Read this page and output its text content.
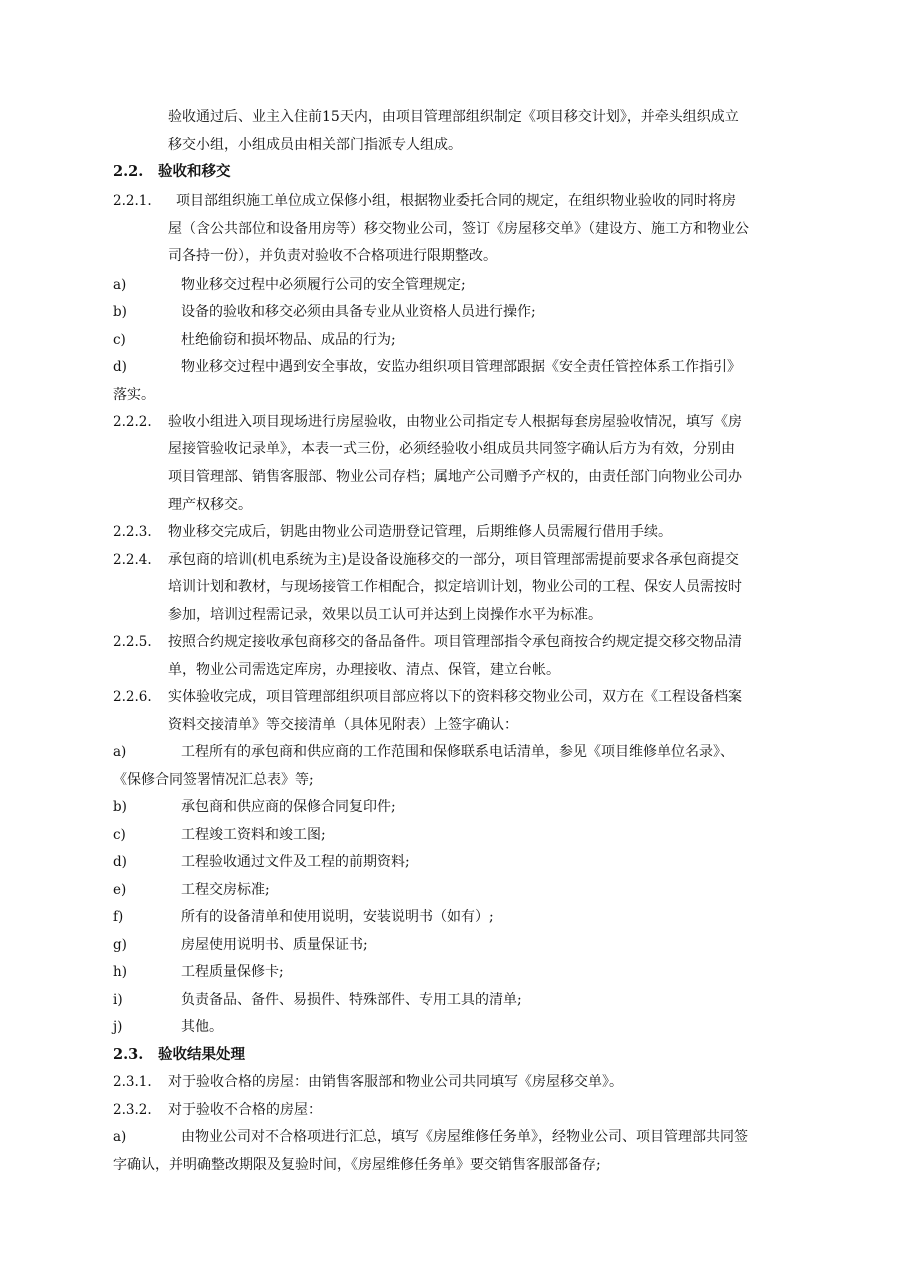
验收通过后、业主入住前15天内，由项目管理部组织制定《项目移交计划》，并牵头组织成立
移交小组，小组成员由相关部门指派专人组成。
2.2. 验收和移交
2.2.1. 项目部组织施工单位成立保修小组，根据物业委托合同的规定，在组织物业验收的同时将房
屋（含公共部位和设备用房等）移交物业公司，签订《房屋移交单》（建设方、施工方和物业公
司各持一份），并负责对验收不合格项进行限期整改。
a)	物业移交过程中必须履行公司的安全管理规定;
b)	设备的验收和移交必须由具备专业从业资格人员进行操作;
c)	杜绝偷窃和损坏物品、成品的行为;
d)	物业移交过程中遇到安全事故，安监办组织项目管理部跟据《安全责任管控体系工作指引》
落实。
2.2.2. 验收小组进入项目现场进行房屋验收，由物业公司指定专人根据每套房屋验收情况，填写《房
屋接管验收记录单》，本表一式三份，必须经验收小组成员共同签字确认后方为有效，分别由
项目管理部、销售客服部、物业公司存档；属地产公司赠予产权的，由责任部门向物业公司办
理产权移交。
2.2.3. 物业移交完成后，钥匙由物业公司造册登记管理，后期维修人员需履行借用手续。
2.2.4. 承包商的培训(机电系统为主)是设备设施移交的一部分，项目管理部需提前要求各承包商提交
培训计划和教材，与现场接管工作相配合，拟定培训计划，物业公司的工程、保安人员需按时
参加，培训过程需记录，效果以员工认可并达到上岗操作水平为标准。
2.2.5. 按照合约规定接收承包商移交的备品备件。项目管理部指令承包商按合约规定提交移交物品清
单，物业公司需选定库房，办理接收、清点、保管，建立台帐。
2.2.6. 实体验收完成，项目管理部组织项目部应将以下的资料移交物业公司，双方在《工程设备档案
资料交接清单》等交接清单（具体见附表）上签字确认：
a)	工程所有的承包商和供应商的工作范围和保修联系电话清单，参见《项目维修单位名录》、
《保修合同签署情况汇总表》等;
b)	承包商和供应商的保修合同复印件;
c)	工程竣工资料和竣工图;
d)	工程验收通过文件及工程的前期资料;
e)	工程交房标准;
f)	所有的设备清单和使用说明，安装说明书（如有）;
g)	房屋使用说明书、质量保证书;
h)	工程质量保修卡;
i)	负责备品、备件、易损件、特殊部件、专用工具的清单;
j)	其他。
2.3. 验收结果处理
2.3.1. 对于验收合格的房屋：由销售客服部和物业公司共同填写《房屋移交单》。
2.3.2. 对于验收不合格的房屋：
a)	由物业公司对不合格项进行汇总，填写《房屋维修任务单》，经物业公司、项目管理部共同签
字确认，并明确整改期限及复验时间，《房屋维修任务单》要交销售客服部备存;
